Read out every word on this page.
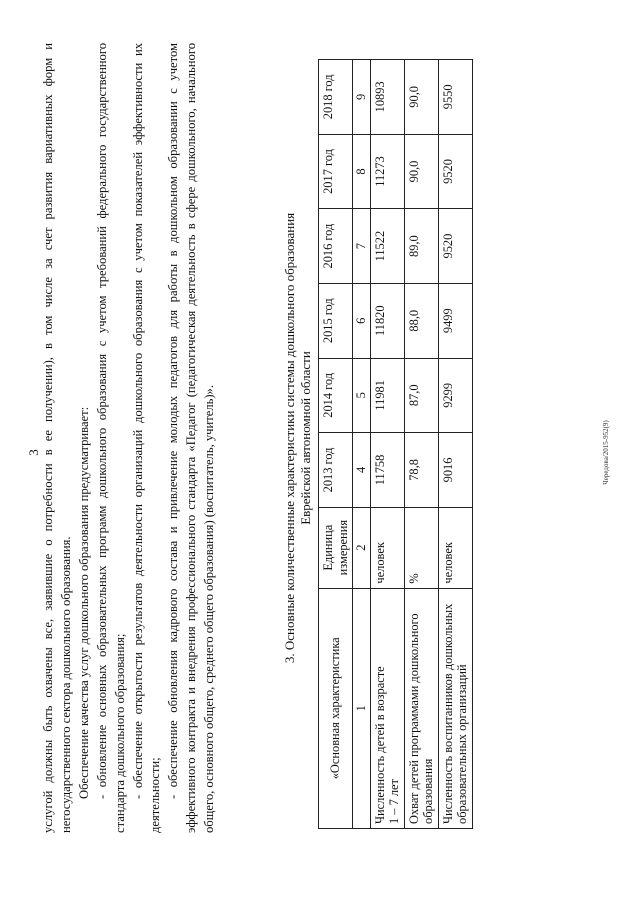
3 услугой должны быть охвачены все, заявившие о потребности в ее получении), в том числе за счет развития вариативных форм и негосударственного сектора дошкольного образования. Обеспечение качества услуг дошкольного образования предусматривает: - обновление основных образовательных программ дошкольного образования с учетом требований федерального государственного стандарта дошкольного образования; - обеспечение открытости результатов деятельности организаций дошкольного образования с учетом показателей эффективности их деятельности; - обеспечение обновления кадрового состава и привлечение молодых педагогов для работы в дошкольном образовании с учетом эффективного контракта и внедрения профессионального стандарта «Педагог (педагогическая деятельность в сфере дошкольного, начального общего, основного общего, среднего общего образования) (воспитатель, учитель)».	3. Основные количественные характеристики системы дошкольного образования Еврейской автономной области
«Основная характеристика	Единица измерения	2013 год	2014 год	2015 год	2016 год	2017 год	2018 год
1	2	4	5	6	7	8	9

Численность детей в возрасте 1 – 7 лет	человек	11758	11981	11820	11522	11273	10893

Охват детей программами дошкольного образования	%	78,8	87,0	88,0	89,0	90,0	90,0

Численность воспитанников дошкольных образовательных организаций	человек	9016	9299	9499	9520	9520	9550
Чередова/2015-952(9)
